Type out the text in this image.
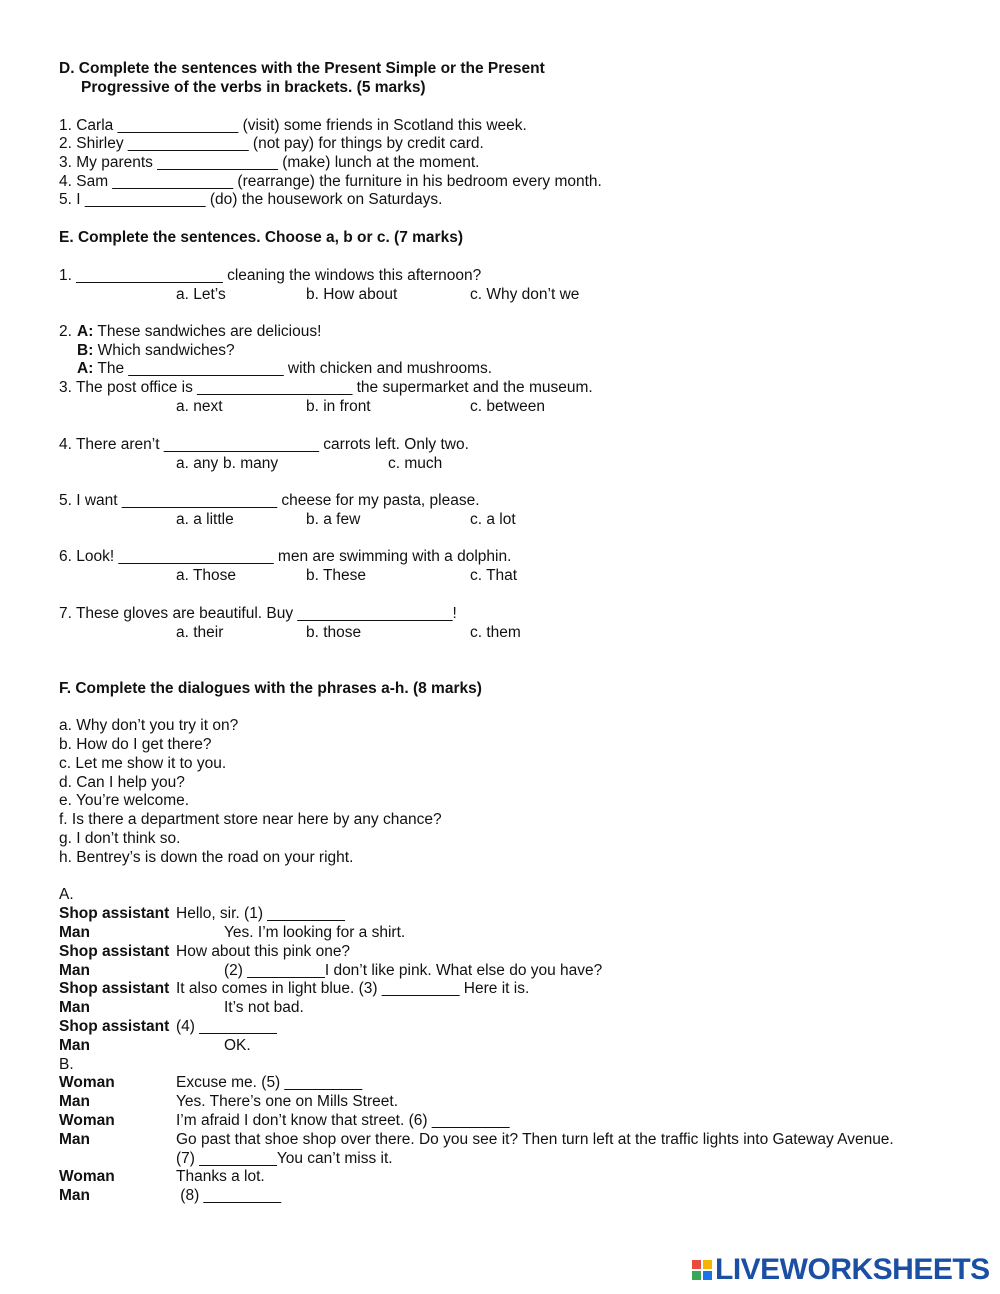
D. Complete the sentences with the Present Simple or the Present
Progressive of the verbs in brackets. (5 marks)
1. Carla ______________ (visit) some friends in Scotland this week.
2. Shirley ______________ (not pay) for things by credit card.
3. My parents ______________ (make) lunch at the moment.
4. Sam ______________ (rearrange) the furniture in his bedroom every month.
5. I ______________ (do) the housework on Saturdays.
E. Complete the sentences. Choose a, b or c. (7 marks)
1. _________________ cleaning the windows this afternoon?
a. Let’s	b. How about	c. Why don’t we
2. A: These sandwiches are delicious!
B: Which sandwiches?
A: The __________________ with chicken and mushrooms.
3. The post office is __________________ the supermarket and the museum.
a. next	b. in front	c. between
4. There aren’t __________________ carrots left. Only two.
a. any b. many	c. much
5. I want __________________ cheese for my pasta, please.
a. a little	b. a few	c. a lot
6. Look! __________________ men are swimming with a dolphin.
a. Those	b. These	c. That
7. These gloves are beautiful. Buy __________________!
a. their	b. those	c. them
F. Complete the dialogues with the phrases a-h. (8 marks)
a. Why don’t you try it on?
b. How do I get there?
c. Let me show it to you.
d. Can I help you?
e. You’re welcome.
f. Is there a department store near here by any chance?
g. I don’t think so.
h. Bentrey’s is down the road on your right.
A.
Shop assistant Hello, sir. (1) _________
Man	Yes. I’m looking for a shirt.
Shop assistant How about this pink one?
Man	(2) _________I don’t like pink. What else do you have?
Shop assistant It also comes in light blue. (3) _________ Here it is.
Man	It’s not bad.
Shop assistant (4) _________
Man	OK.
B.
Woman	Excuse me. (5) _________
Man	Yes. There’s one on Mills Street.
Woman	I’m afraid I don’t know that street. (6) _________
Man	Go past that shoe shop over there. Do you see it? Then turn left at the traffic lights into Gateway Avenue.
(7) _________You can’t miss it.
Woman	Thanks a lot.
Man	(8) _________
LIVEWORKSHEETS
